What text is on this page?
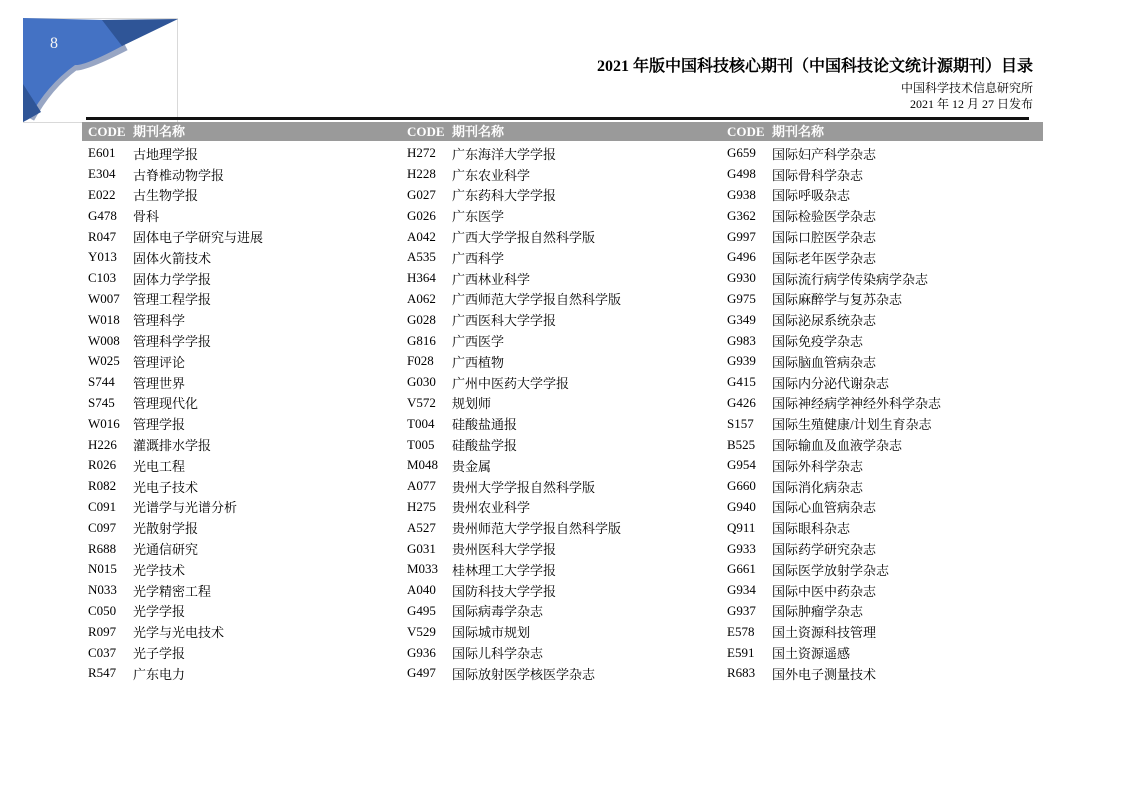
8
2021 年版中国科技核心期刊（中国科技论文统计源期刊）目录
中国科学技术信息研究所
2021 年 12 月 27 日发布
CODE 期刊名称	CODE 期刊名称	CODE 期刊名称
E601	古地理学报
E304	古脊椎动物学报
E022	古生物学报
G478	骨科
R047	固体电子学研究与进展
Y013	固体火箭技术
C103	固体力学学报
W007	管理工程学报
W018	管理科学
W008	管理科学学报
W025	管理评论
S744	管理世界
S745	管理现代化
W016	管理学报
H226	灌溉排水学报
R026	光电工程
R082	光电子技术
C091	光谱学与光谱分析
C097	光散射学报
R688	光通信研究
N015	光学技术
N033	光学精密工程
C050	光学学报
R097	光学与光电技术
C037	光子学报
R547	广东电力
H272	广东海洋大学学报
H228	广东农业科学
G027	广东药科大学学报
G026	广东医学
A042	广西大学学报自然科学版
A535	广西科学
H364	广西林业科学
A062	广西师范大学学报自然科学版
G028	广西医科大学学报
G816	广西医学
F028	广西植物
G030	广州中医药大学学报
V572	规划师
T004	硅酸盐通报
T005	硅酸盐学报
M048	贵金属
A077	贵州大学学报自然科学版
H275	贵州农业科学
A527	贵州师范大学学报自然科学版
G031	贵州医科大学学报
M033	桂林理工大学学报
A040	国防科技大学学报
G495	国际病毒学杂志
V529	国际城市规划
G936	国际儿科学杂志
G497	国际放射医学核医学杂志
G659	国际妇产科学杂志
G498	国际骨科学杂志
G938	国际呼吸杂志
G362	国际检验医学杂志
G997	国际口腔医学杂志
G496	国际老年医学杂志
G930	国际流行病学传染病学杂志
G975	国际麻醉学与复苏杂志
G349	国际泌尿系统杂志
G983	国际免疫学杂志
G939	国际脑血管病杂志
G415	国际内分泌代谢杂志
G426	国际神经病学神经外科学杂志
S157	国际生殖健康/计划生育杂志
B525	国际输血及血液学杂志
G954	国际外科学杂志
G660	国际消化病杂志
G940	国际心血管病杂志
Q911	国际眼科杂志
G933	国际药学研究杂志
G661	国际医学放射学杂志
G934	国际中医中药杂志
G937	国际肿瘤学杂志
E578	国土资源科技管理
E591	国土资源遥感
R683	国外电子测量技术
